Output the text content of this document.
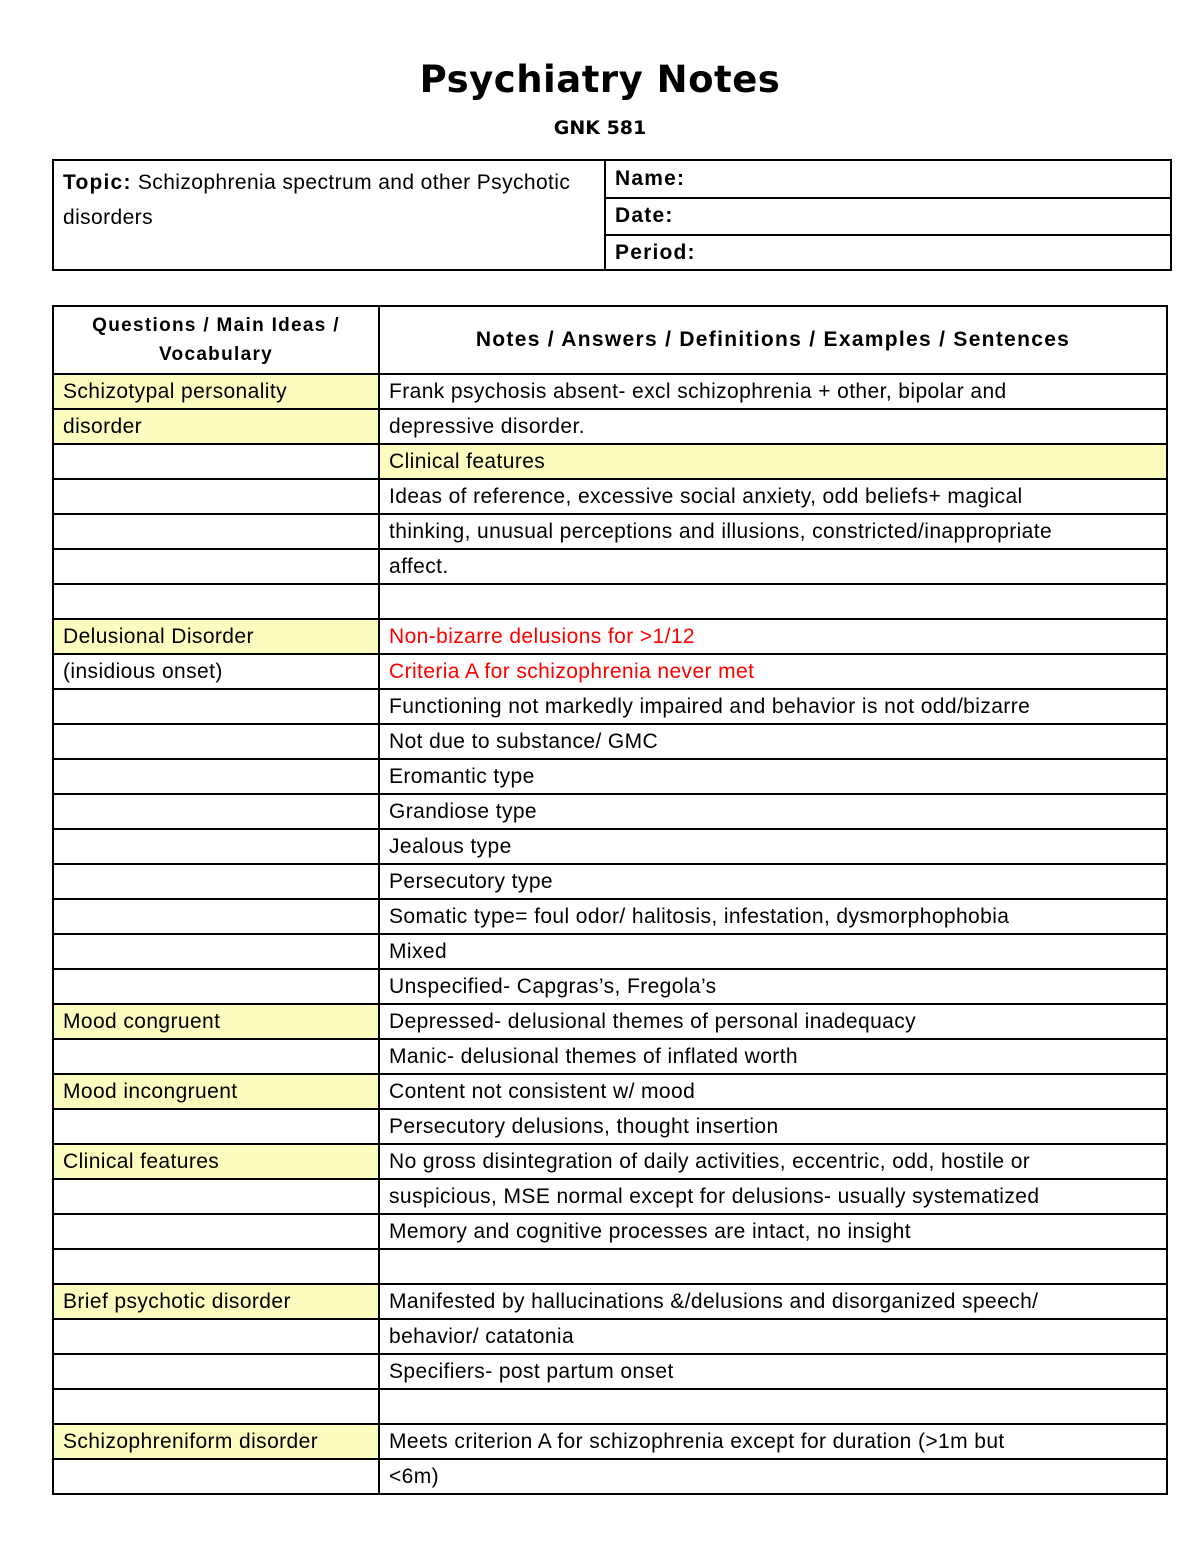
Psychiatry Notes
GNK 581
Topic: Schizophrenia spectrum and other Psychotic disorders	Name:
	Date:
	Period:
Questions / Main Ideas / Vocabulary	Notes / Answers / Definitions / Examples / Sentences
Schizotypal personality	Frank psychosis absent- excl schizophrenia + other, bipolar and
disorder	depressive disorder.
	Clinical features
	Ideas of reference, excessive social anxiety, odd beliefs+ magical
	thinking, unusual perceptions and illusions, constricted/inappropriate
	affect.

Delusional Disorder	Non-bizarre delusions for >1/12
(insidious onset)	Criteria A for schizophrenia never met
	Functioning not markedly impaired and behavior is not odd/bizarre
	Not due to substance/ GMC
	Eromantic type
	Grandiose type
	Jealous type
	Persecutory type
	Somatic type= foul odor/ halitosis, infestation, dysmorphophobia
	Mixed
	Unspecified- Capgras’s, Fregola’s
Mood congruent	Depressed- delusional themes of personal inadequacy
	Manic- delusional themes of inflated worth
Mood incongruent	Content not consistent w/ mood
	Persecutory delusions, thought insertion
Clinical features	No gross disintegration of daily activities, eccentric, odd, hostile or
	suspicious, MSE normal except for delusions- usually systematized
	Memory and cognitive processes are intact, no insight

Brief psychotic disorder	Manifested by hallucinations &/delusions and disorganized speech/
	behavior/ catatonia
	Specifiers- post partum onset

Schizophreniform disorder	Meets criterion A for schizophrenia except for duration (>1m but
	<6m)
